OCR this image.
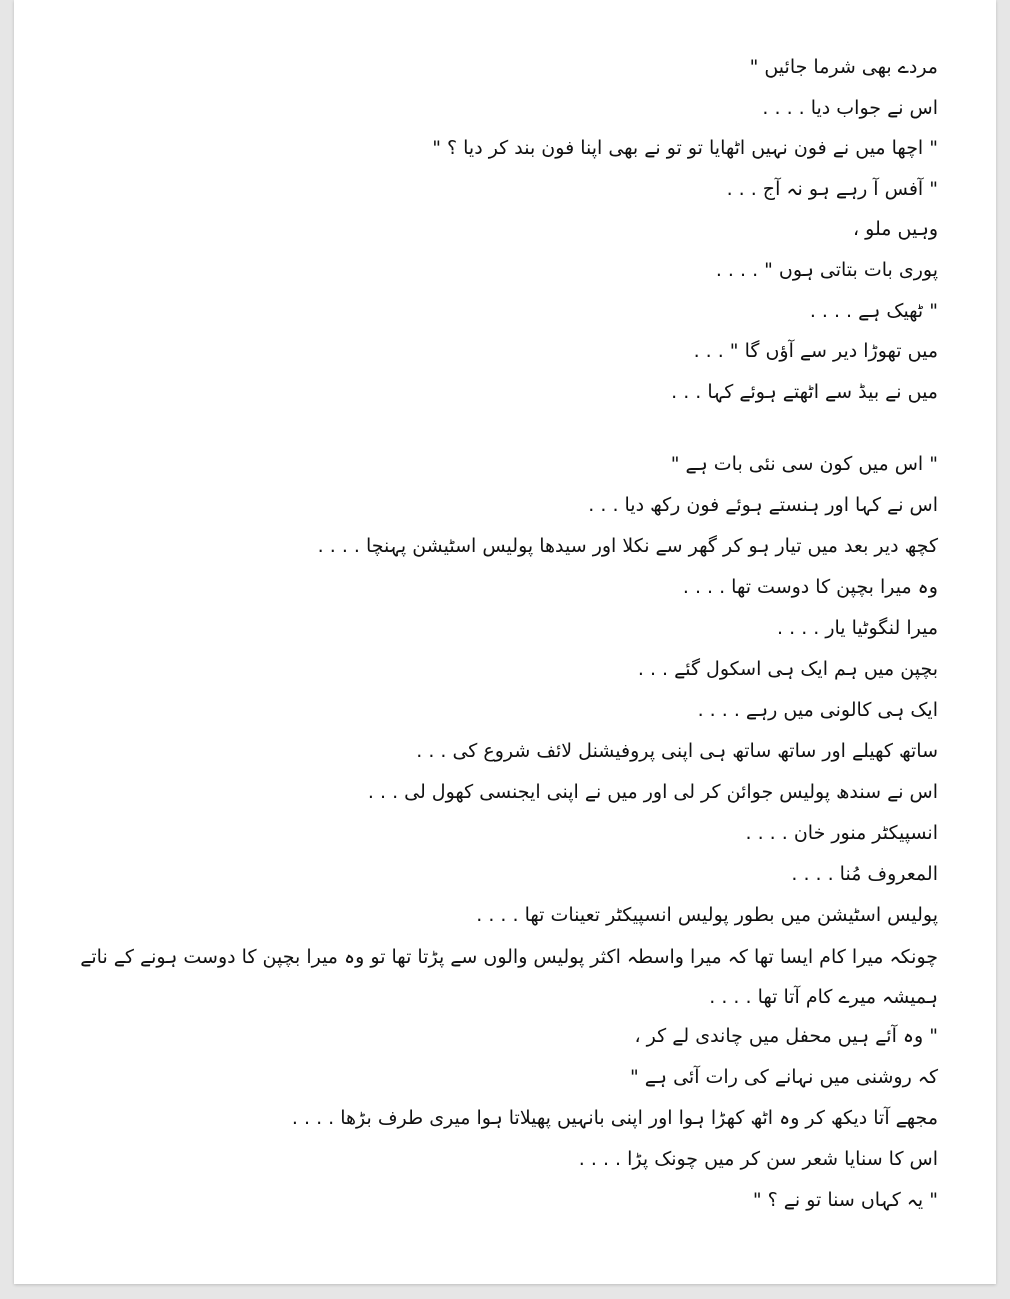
مردے بھی شرما جائیں "
اس نے جواب دیا . . . .
" اچھا میں نے فون نہیں اٹھایا تو تو نے بھی اپنا فون بند کر دیا ؟ "
" آفس آ رہے ہو نہ آج . . .
وہیں ملو ،
پوری بات بتاتی ہوں " . . . .
" ٹھیک ہے . . . .
میں تھوڑا دیر سے آؤں گا " . . .
میں نے بیڈ سے اٹھتے ہوئے کہا . . .
" اس میں کون سی نئی بات ہے "
اس نے کہا اور ہنستے ہوئے فون رکھ دیا . . .
کچھ دیر بعد میں تیار ہو کر گھر سے نکلا اور سیدھا پولیس اسٹیشن پہنچا . . . .
وہ میرا بچپن کا دوست تھا . . . .
میرا لنگوٹیا یار . . . .
بچپن میں ہم ایک ہی اسکول گئے . . .
ایک ہی کالونی میں رہے . . . .
ساتھ کھیلے اور ساتھ ساتھ ہی اپنی پروفیشنل لائف شروع کی . . .
اس نے سندھ پولیس جوائن کر لی اور میں نے اپنی ایجنسی کھول لی . . .
انسپیکٹر منور خان . . . .
المعروف مُنا . . . .
پولیس اسٹیشن میں بطور پولیس انسپیکٹر تعینات تھا . . . .
چونکہ میرا کام ایسا تھا کہ میرا واسطہ اکثر پولیس والوں سے پڑتا تھا تو وہ میرا بچپن کا دوست ہونے کے ناتے ہمیشہ میرے کام آتا تھا . . . .
" وہ آئے ہیں محفل میں چاندی لے کر ،
کہ روشنی میں نہانے کی رات آئی ہے "
مجھے آتا دیکھ کر وہ اٹھ کھڑا ہوا اور اپنی بانہیں پھیلاتا ہوا میری طرف بڑھا . . . .
اس کا سنایا شعر سن کر میں چونک پڑا . . . .
" یہ کہاں سنا تو نے ؟ "
